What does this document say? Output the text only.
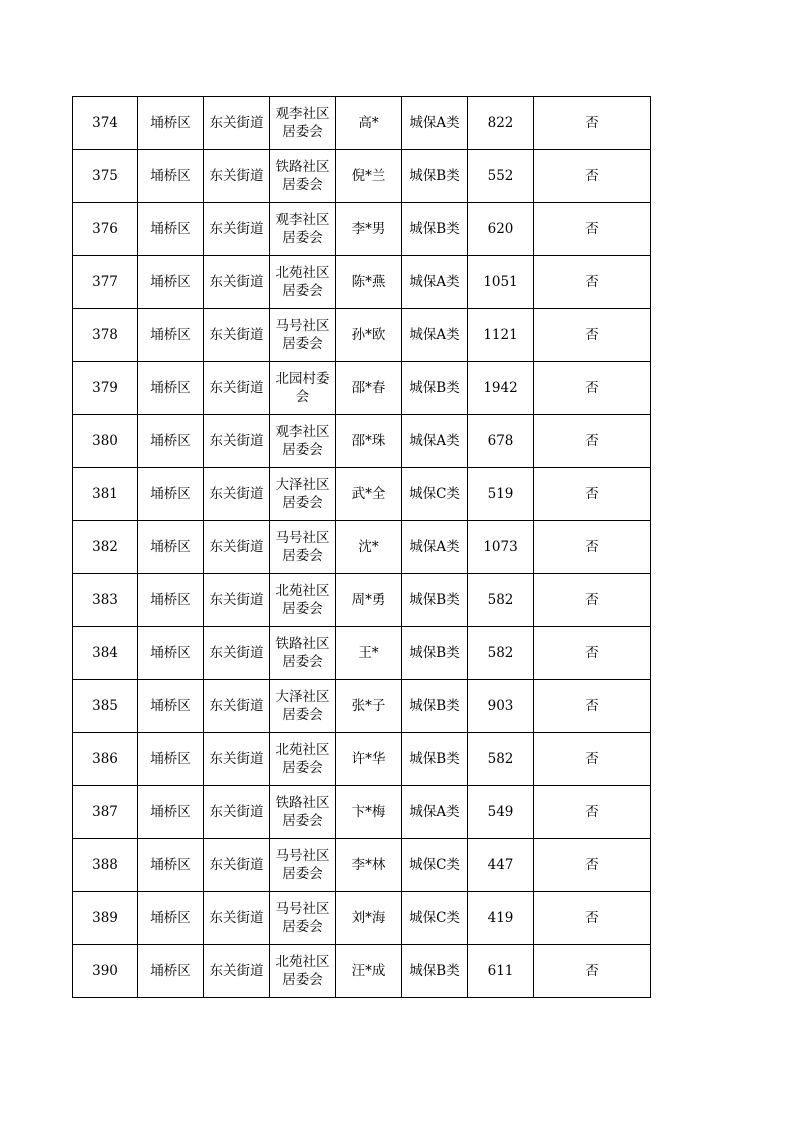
374	埇桥区	东关街道	观李社区居委会	高*	城保A类	822	否
375	埇桥区	东关街道	铁路社区居委会	倪*兰	城保B类	552	否
376	埇桥区	东关街道	观李社区居委会	李*男	城保B类	620	否
377	埇桥区	东关街道	北苑社区居委会	陈*燕	城保A类	1051	否
378	埇桥区	东关街道	马号社区居委会	孙*欧	城保A类	1121	否
379	埇桥区	东关街道	北园村委会	邵*春	城保B类	1942	否
380	埇桥区	东关街道	观李社区居委会	邵*珠	城保A类	678	否
381	埇桥区	东关街道	大泽社区居委会	武*全	城保C类	519	否
382	埇桥区	东关街道	马号社区居委会	沈*	城保A类	1073	否
383	埇桥区	东关街道	北苑社区居委会	周*勇	城保B类	582	否
384	埇桥区	东关街道	铁路社区居委会	王*	城保B类	582	否
385	埇桥区	东关街道	大泽社区居委会	张*子	城保B类	903	否
386	埇桥区	东关街道	北苑社区居委会	许*华	城保B类	582	否
387	埇桥区	东关街道	铁路社区居委会	卞*梅	城保A类	549	否
388	埇桥区	东关街道	马号社区居委会	李*林	城保C类	447	否
389	埇桥区	东关街道	马号社区居委会	刘*海	城保C类	419	否
390	埇桥区	东关街道	北苑社区居委会	汪*成	城保B类	611	否
